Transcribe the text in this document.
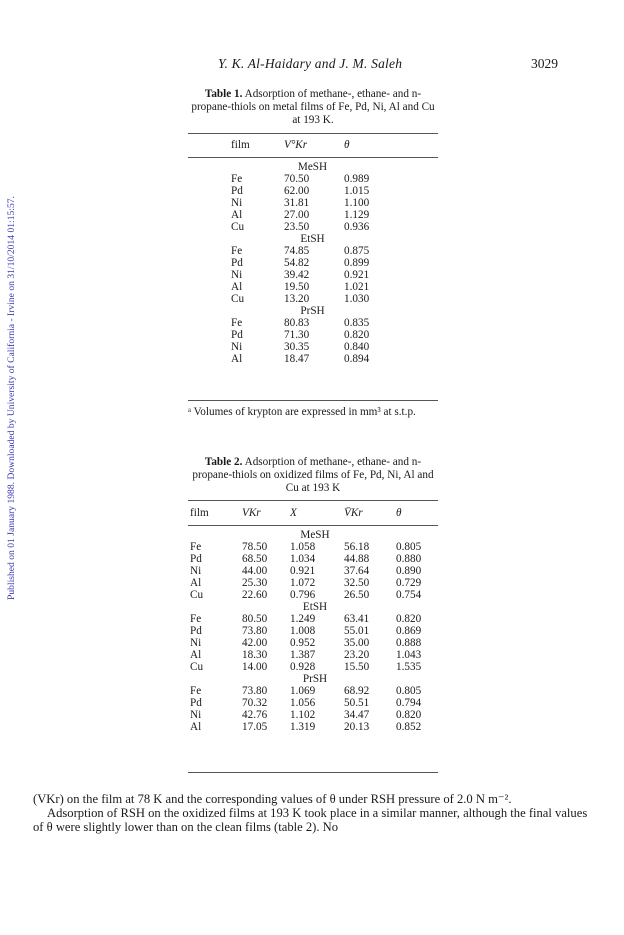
Y. K. Al-Haidary and J. M. Saleh	3029
Published on 01 January 1988. Downloaded by University of California - Irvine on 31/10/2014 01:15:57.
Table 1. Adsorption of methane-, ethane- and n-propane-thiols on metal films of Fe, Pd, Ni, Al and Cu at 193 K.
film	V°Kr	θ

MeSH		
Fe	70.50	0.989
Pd	62.00	1.015
Ni	31.81	1.100
Al	27.00	1.129
Cu	23.50	0.936
EtSH		
Fe	74.85	0.875
Pd	54.82	0.899
Ni	39.42	0.921
Al	19.50	1.021
Cu	13.20	1.030
PrSH		
Fe	80.83	0.835
Pd	71.30	0.820
Ni	30.35	0.840
Al	18.47	0.894
ᵃ Volumes of krypton are expressed in mm³ at s.t.p.
Table 2. Adsorption of methane-, ethane- and n-propane-thiols on oxidized films of Fe, Pd, Ni, Al and Cu at 193 K
film	VKr	X	V̄Kr	θ

MeSH				
Fe	78.50	1.058	56.18	0.805
Pd	68.50	1.034	44.88	0.880
Ni	44.00	0.921	37.64	0.890
Al	25.30	1.072	32.50	0.729
Cu	22.60	0.796	26.50	0.754
EtSH				
Fe	80.50	1.249	63.41	0.820
Pd	73.80	1.008	55.01	0.869
Ni	42.00	0.952	35.00	0.888
Al	18.30	1.387	23.20	1.043
Cu	14.00	0.928	15.50	1.535
PrSH				
Fe	73.80	1.069	68.92	0.805
Pd	70.32	1.056	50.51	0.794
Ni	42.76	1.102	34.47	0.820
Al	17.05	1.319	20.13	0.852

(VKr) on the film at 78 K and the corresponding values of θ under RSH pressure of 2.0 N m⁻².

Adsorption of RSH on the oxidized films at 193 K took place in a similar manner, although the final values of θ were slightly lower than on the clean films (table 2). No
